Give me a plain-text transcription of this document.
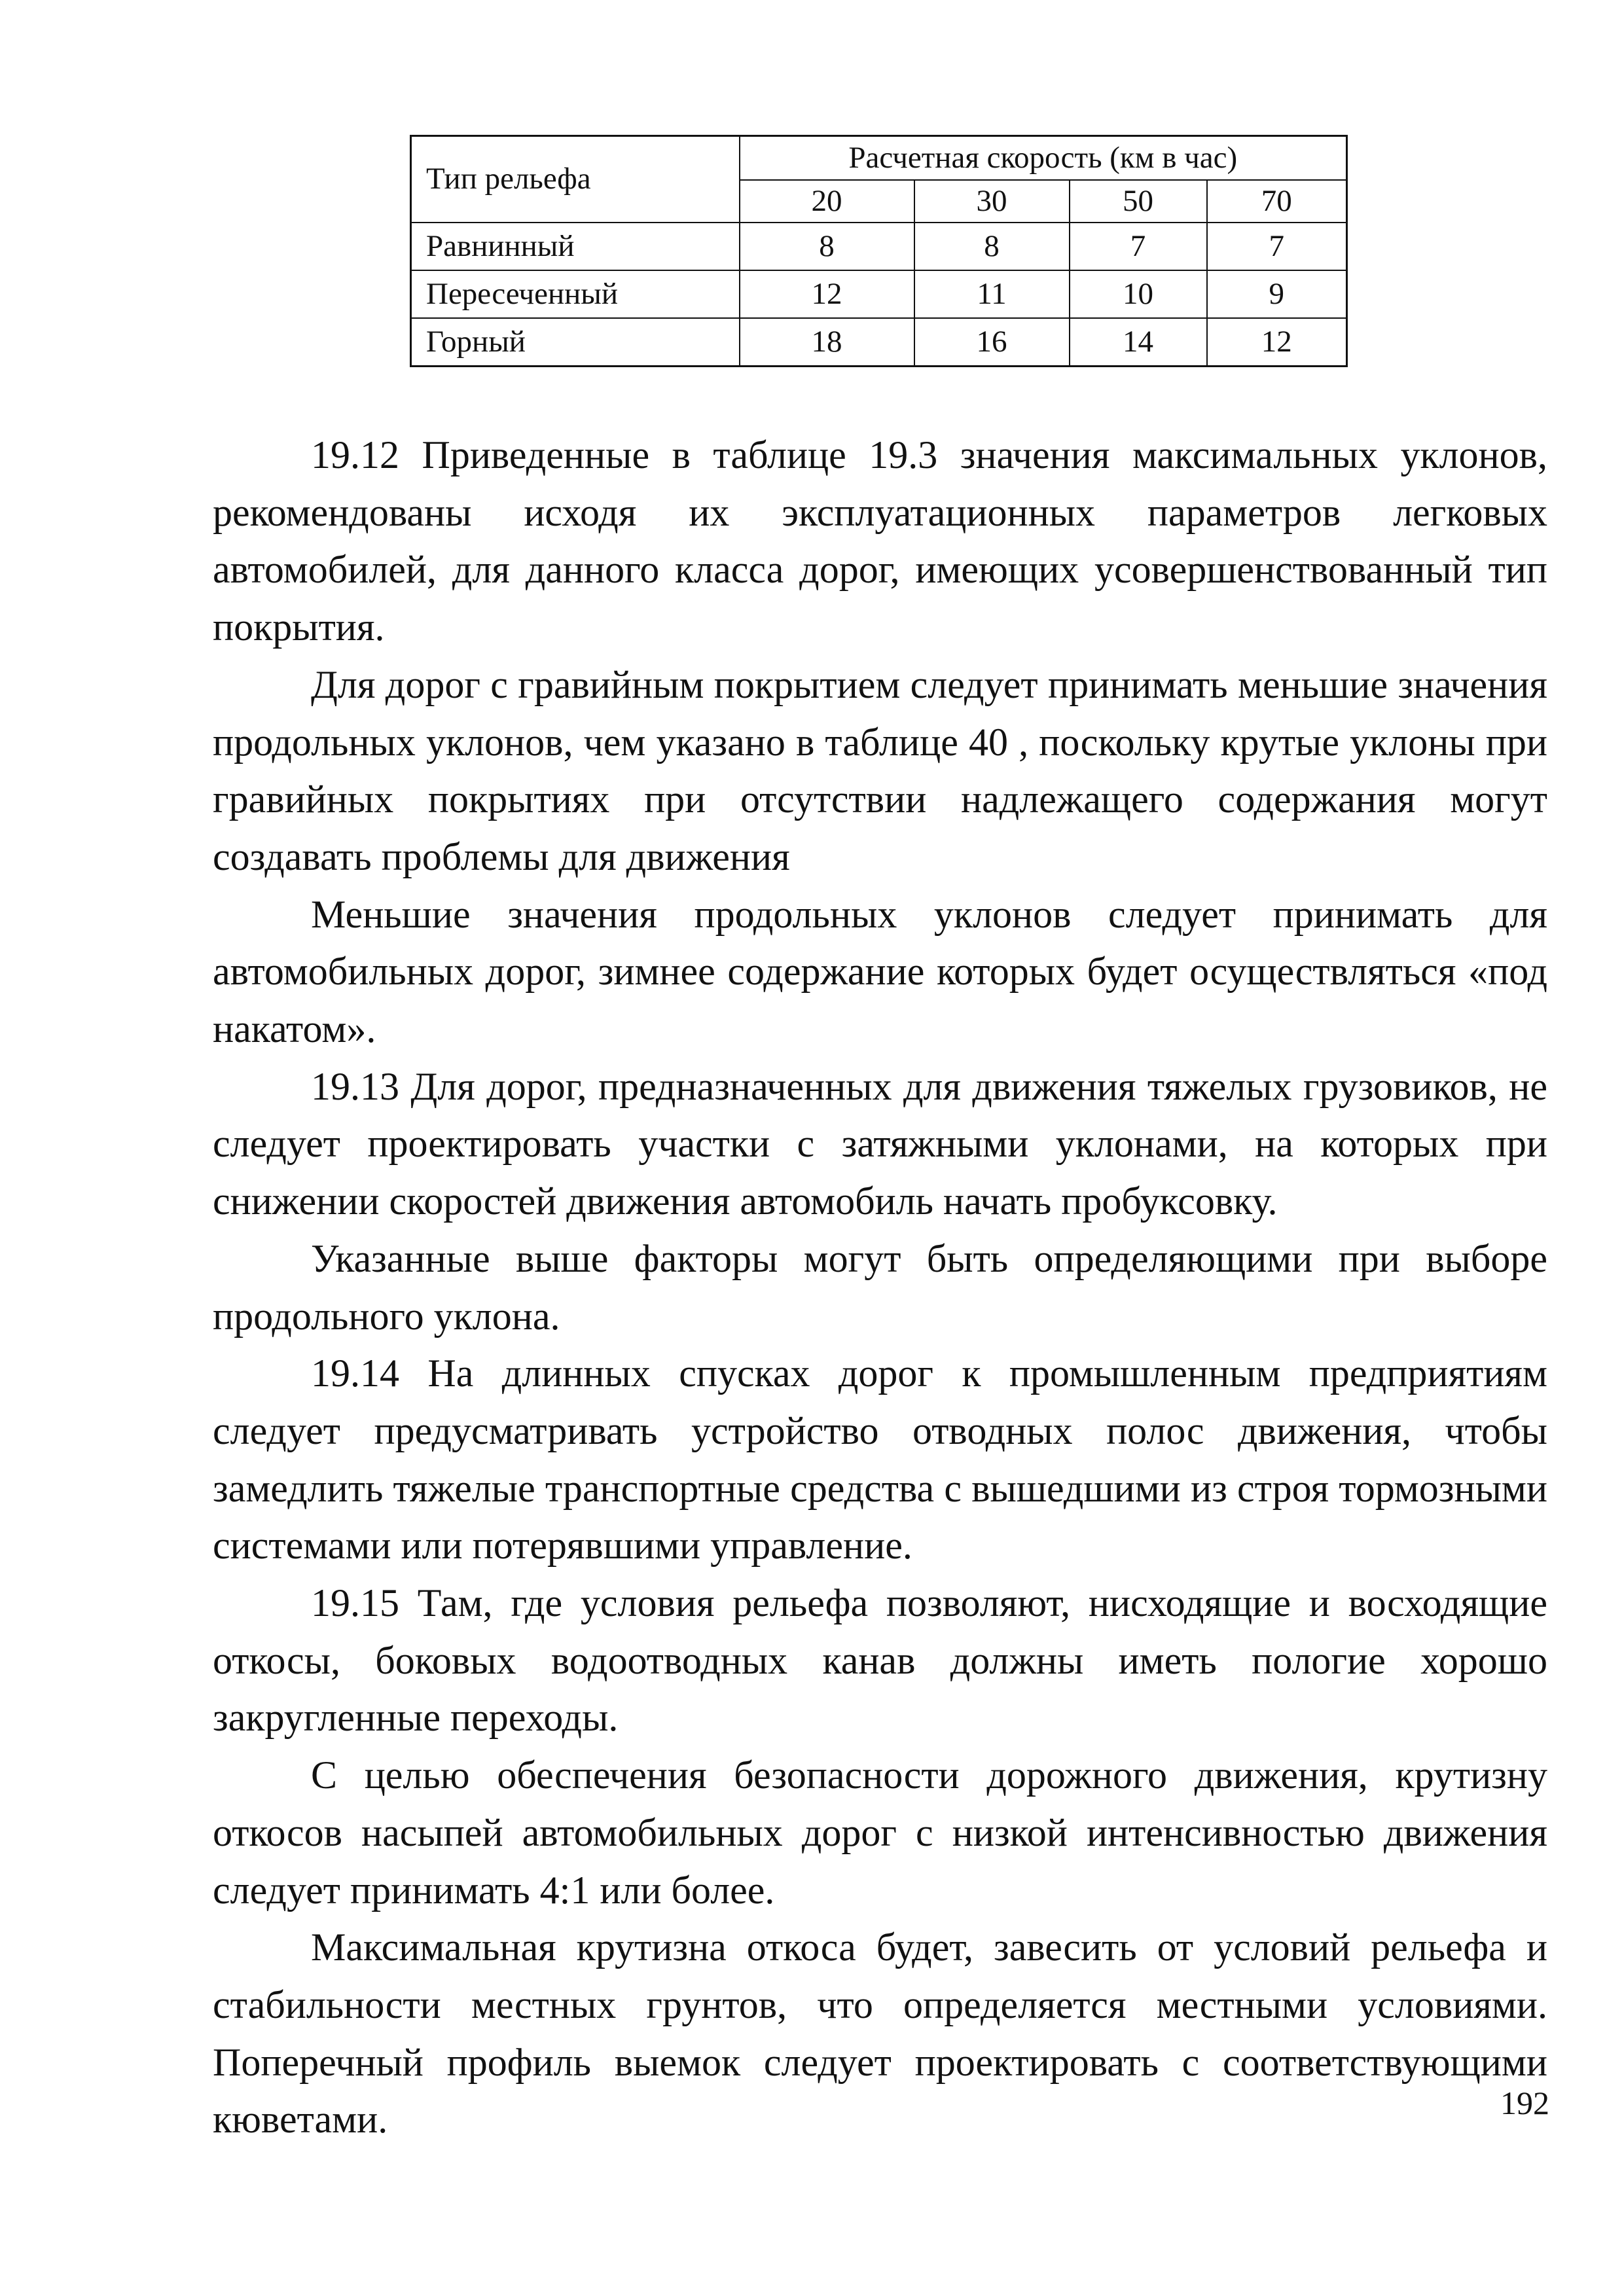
Тип рельефа	Расчетная скорость (км в час)			
	20	30	50	70
Равнинный	8	8	7	7
Пересеченный	12	11	10	9
Горный	18	16	14	12

19.12 Приведенные в таблице 19.3 значения максимальных уклонов, рекомендованы исходя их эксплуатационных параметров легковых автомобилей, для данного класса дорог, имеющих усовершенствованный тип покрытия.

Для дорог с гравийным покрытием следует принимать меньшие значения продольных уклонов, чем указано в таблице 40 , поскольку крутые уклоны при гравийных покрытиях при отсутствии надлежащего содержания могут создавать проблемы для движения

Меньшие значения продольных уклонов следует принимать для автомобильных дорог, зимнее содержание которых будет осуществляться «под накатом».

19.13 Для дорог, предназначенных для движения тяжелых грузовиков, не следует проектировать участки с затяжными уклонами, на которых при снижении скоростей движения автомобиль начать пробуксовку.

Указанные выше факторы могут быть определяющими при выборе продольного уклона.

19.14 На длинных спусках дорог к промышленным предприятиям следует предусматривать устройство отводных полос движения, чтобы замедлить тяжелые транспортные средства с вышедшими из строя тормозными системами или потерявшими управление.

19.15 Там, где условия рельефа позволяют, нисходящие и восходящие откосы, боковых водоотводных канав должны иметь пологие хорошо закругленные переходы.

С целью обеспечения безопасности дорожного движения, крутизну откосов насыпей автомобильных дорог с низкой интенсивностью движения следует принимать 4:1 или более.

Максимальная крутизна откоса будет, завесить от условий рельефа и стабильности местных грунтов, что определяется местными условиями. Поперечный профиль выемок следует проектировать с соответствующими кюветами.	192
